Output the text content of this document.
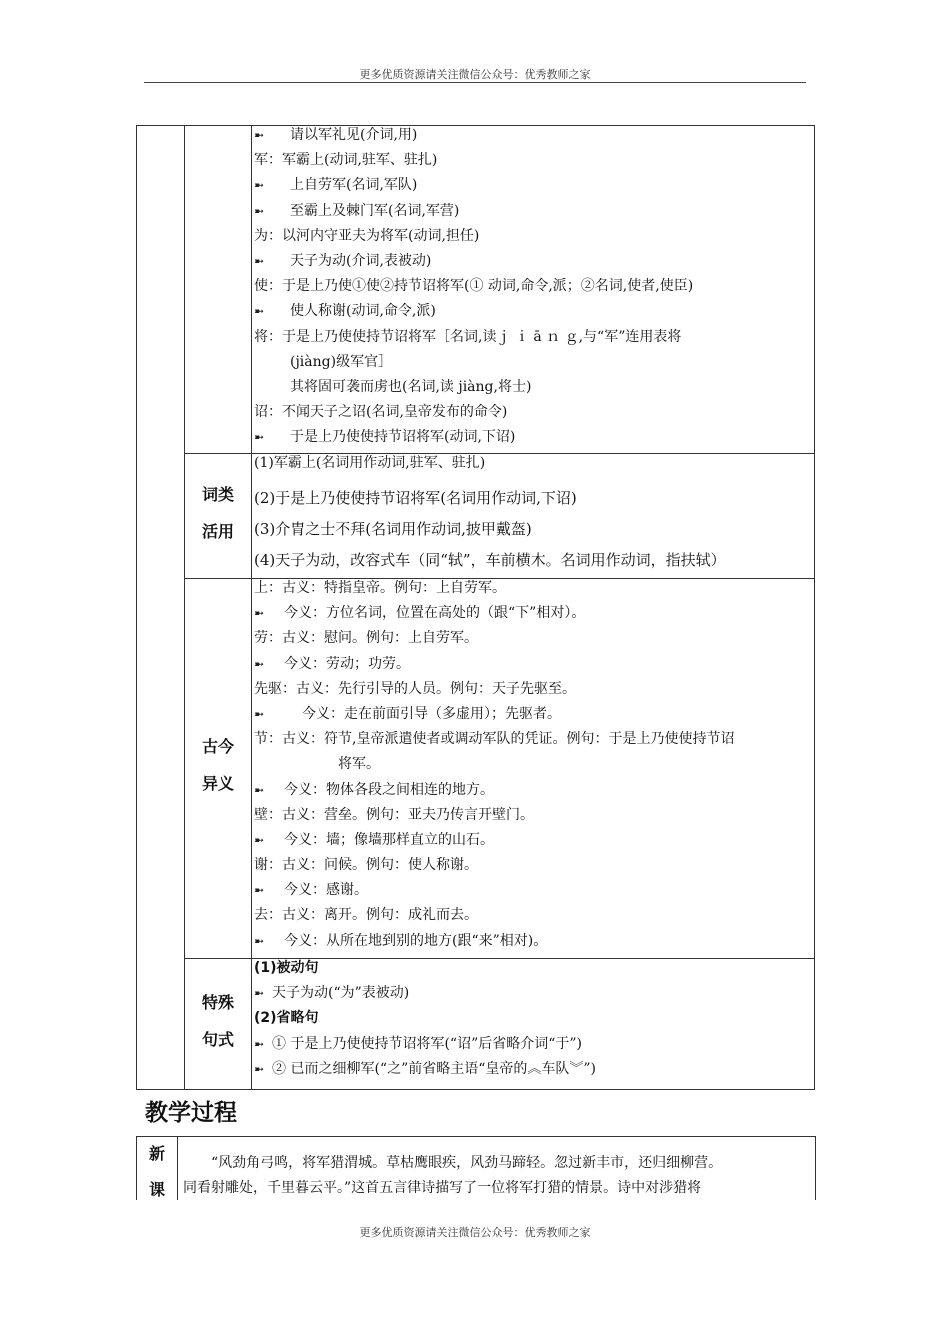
更多优质资源请关注微信公众号：优秀教师之家
➼ 请以军礼见(介词,用)
军：军霸上(动词,驻军、驻扎)
➼ 上自劳军(名词,军队)
➼ 至霸上及棘门军(名词,军营)
为：以河内守亚夫为将军(动词,担任)
➼ 天子为动(介词,表被动)
使：于是上乃使①使②持节诏将军(① 动词,命令,派；②名词,使者,使臣)
➼ 使人称谢(动词,命令,派)
将：于是上乃使使持节诏将军［名词,读ｊ ｉ ā ｎ ｇ,与“军”连用表将
(jiàng)级军官］
其将固可袭而虏也(名词,读 jiàng,将士)
诏：不闻天子之诏(名词,皇帝发布的命令)
➼ 于是上乃使使持节诏将军(动词,下诏)
词类
活用
(1)军霸上(名词用作动词,驻军、驻扎)
(2)于是上乃使使持节诏将军(名词用作动词,下诏)
(3)介胄之士不拜(名词用作动词,披甲戴盔)
(4)天子为动，改容式车（同“轼”，车前横木。名词用作动词，指扶轼）
古今
异义
上：古义：特指皇帝。例句：上自劳军。
➼ 今义：方位名词，位置在高处的（跟“下”相对）。
劳：古义：慰问。例句：上自劳军。
➼ 今义：劳动；功劳。
先驱：古义：先行引导的人员。例句：天子先驱至。
➼	今义：走在前面引导（多虚用）；先驱者。
节：古义：符节,皇帝派遣使者或调动军队的凭证。例句：于是上乃使使持节诏
将军。
➼ 今义：物体各段之间相连的地方。
壁：古义：营垒。例句：亚夫乃传言开壁门。
➼ 今义：墙；像墙那样直立的山石。
谢：古义：问候。例句：使人称谢。
➼ 今义：感谢。
去：古义：离开。例句：成礼而去。
➼ 今义：从所在地到别的地方(跟“来”相对)。
特殊
句式
(1)被动句
➼ 天子为动(“为”表被动)
(2)省略句
➼ ① 于是上乃使使持节诏将军(“诏”后省略介词“于”)
➼ ② 已而之细柳军(“之”前省略主语“皇帝的︽车队︾”)
教学过程
新
课

“风劲角弓鸣，将军猎渭城。草枯鹰眼疾，风劲马蹄轻。忽过新丰市，还归细柳营。

同看射雕处，千里暮云平。”这首五言律诗描写了一位将军打猎的情景。诗中对涉猎将

更多优质资源请关注微信公众号：优秀教师之家
